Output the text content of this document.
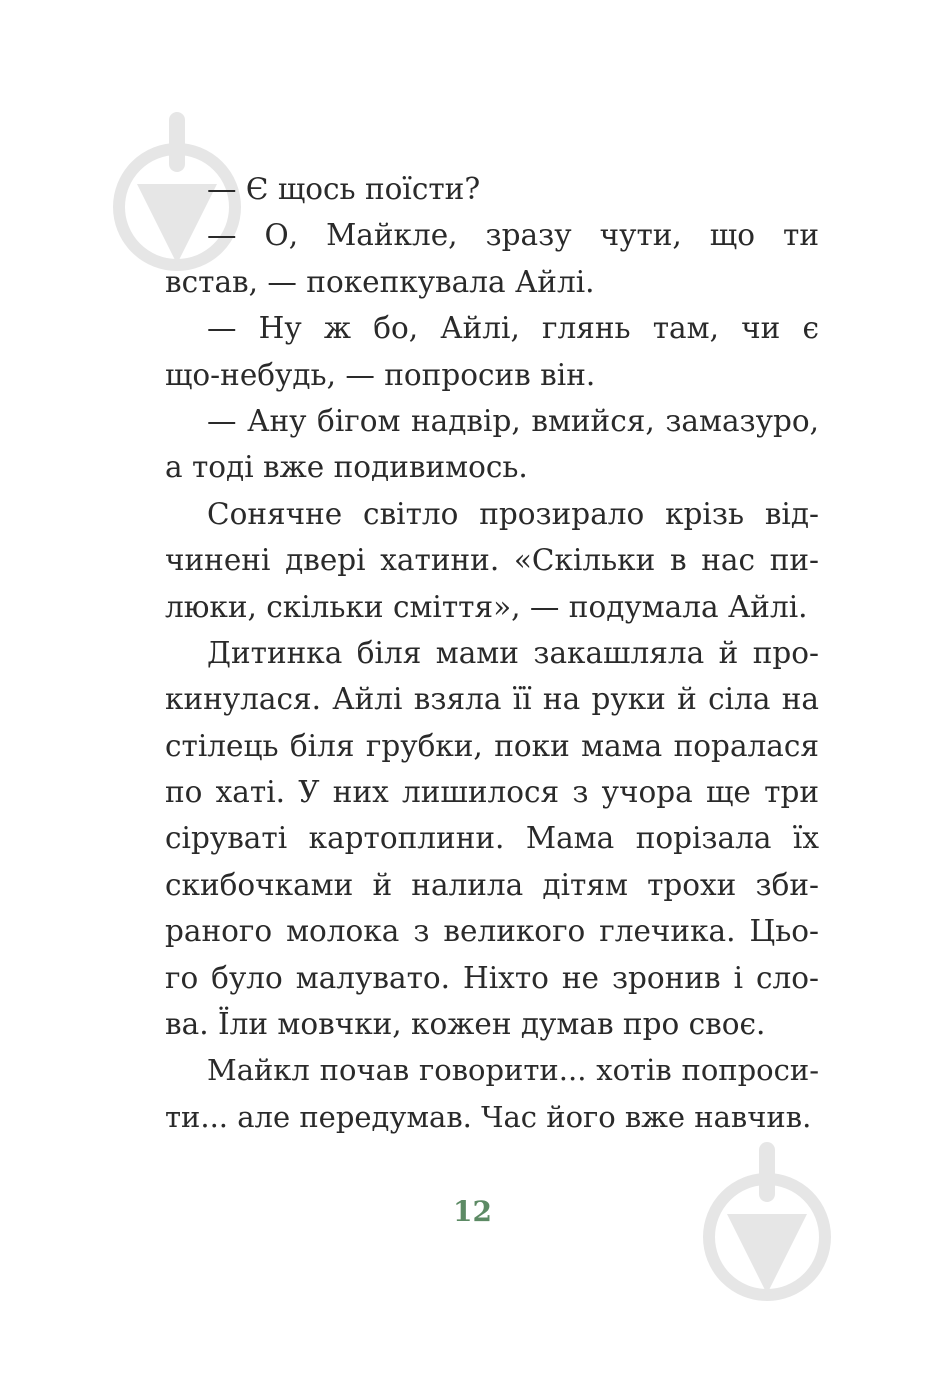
— Є щось поїсти?
— О, Майкле, зразу чути, що ти
встав, — покепкувала Айлі.
— Ну ж бо, Айлі, глянь там, чи є
що-небудь, — попросив він.
— Ану бігом надвір, вмийся, замазуро,
а тоді вже подивимось.
Сонячне світло прозирало крізь від-
чинені двері хатини. «Скільки в нас пи-
люки, скільки сміття», — подумала Айлі.
Дитинка біля мами закашляла й про-
кинулася. Айлі взяла її на руки й сіла на
стілець біля грубки, поки мама поралася
по хаті. У них лишилося з учора ще три
сіруваті картоплини. Мама порізала їх
скибочками й налила дітям трохи зби-
раного молока з великого глечика. Цьо-
го було малувато. Ніхто не зронив і сло-
ва. Їли мовчки, кожен думав про своє.
Майкл почав говорити... хотів попроси-
ти... але передумав. Час його вже навчив.
12
